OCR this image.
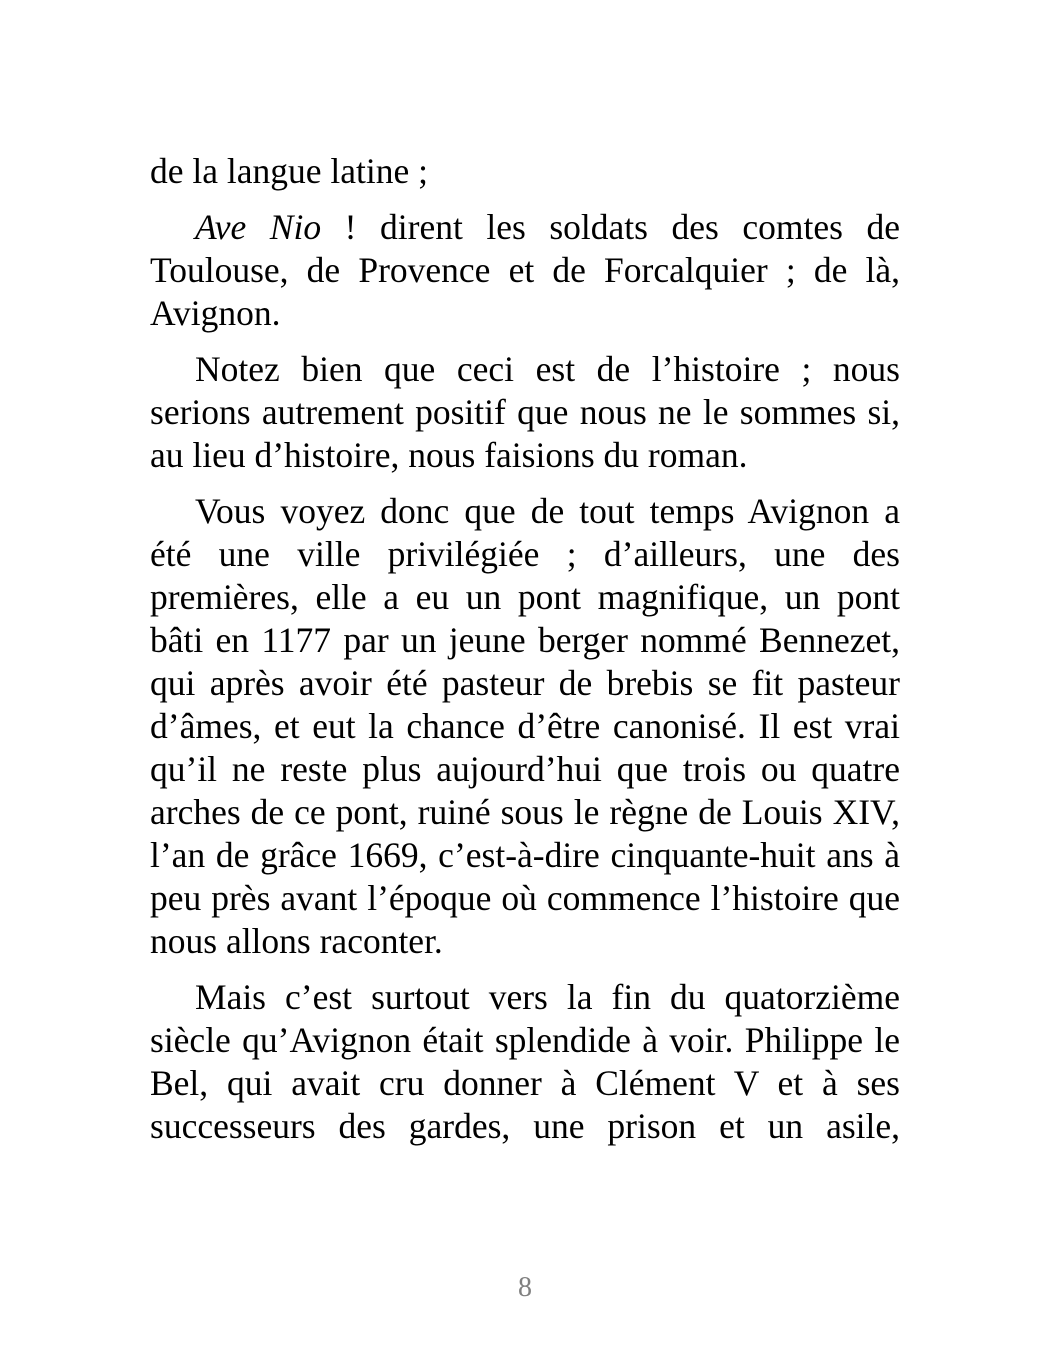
de la langue latine ;

Ave Nio ! dirent les soldats des comtes de Toulouse, de Provence et de Forcalquier ; de là, Avignon.

Notez bien que ceci est de l’histoire ; nous serions autrement positif que nous ne le sommes si, au lieu d’histoire, nous faisions du roman.

Vous voyez donc que de tout temps Avignon a été une ville privilégiée ; d’ailleurs, une des premières, elle a eu un pont magnifique, un pont bâti en 1177 par un jeune berger nommé Bennezet, qui après avoir été pasteur de brebis se fit pasteur d’âmes, et eut la chance d’être canonisé. Il est vrai qu’il ne reste plus aujourd’hui que trois ou quatre arches de ce pont, ruiné sous le règne de Louis XIV, l’an de grâce 1669, c’est-à-dire cinquante-huit ans à peu près avant l’époque où commence l’histoire que nous allons raconter.

Mais c’est surtout vers la fin du quatorzième siècle qu’Avignon était splendide à voir. Philippe le Bel, qui avait cru donner à Clément V et à ses successeurs des gardes, une prison et un asile,

8
